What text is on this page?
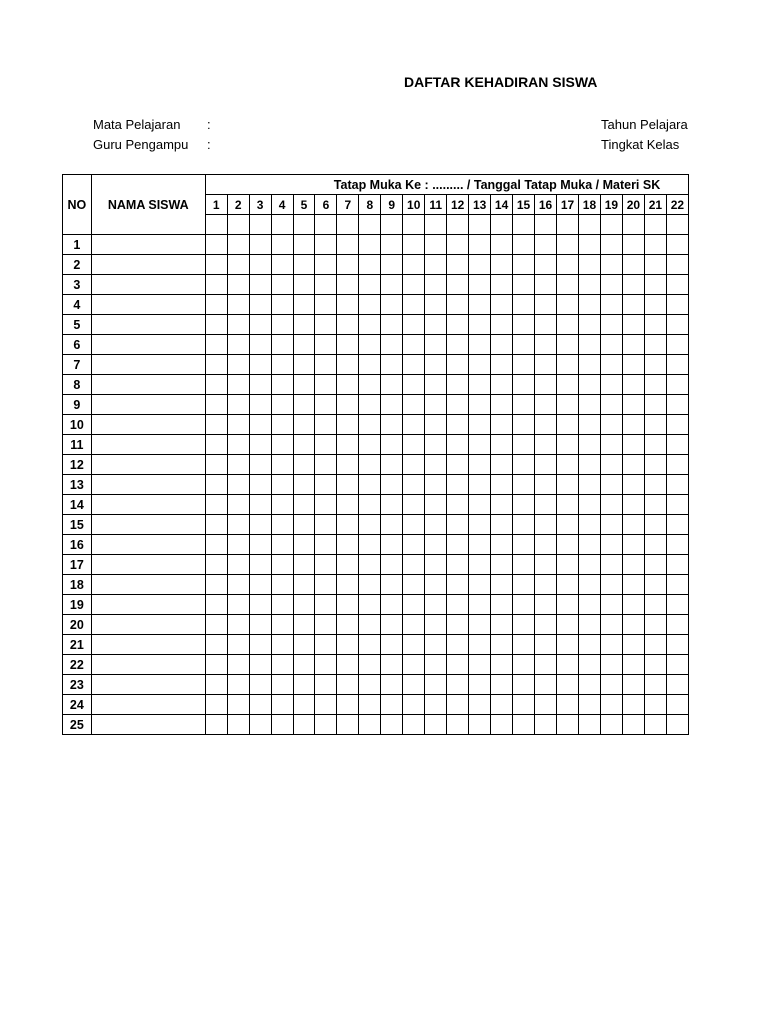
DAFTAR KEHADIRAN SISWA
Mata Pelajaran :
Guru Pengampu :
Tahun Pelajara
Tingkat Kelas
NO	NAMA SISWA	Tatap Muka Ke : ......... / Tanggal Tatap Muka / Materi SK																					
		1	2	3	4	5	6	7	8	9	10	11	12	13	14	15	16	17	18	19	20	21	22

1																							
2																							
3																							
4																							
5																							
6																							
7																							
8																							
9																							
10																							
11																							
12																							
13																							
14																							
15																							
16																							
17																							
18																							
19																							
20																							
21																							
22																							
23																							
24																							
25																							
